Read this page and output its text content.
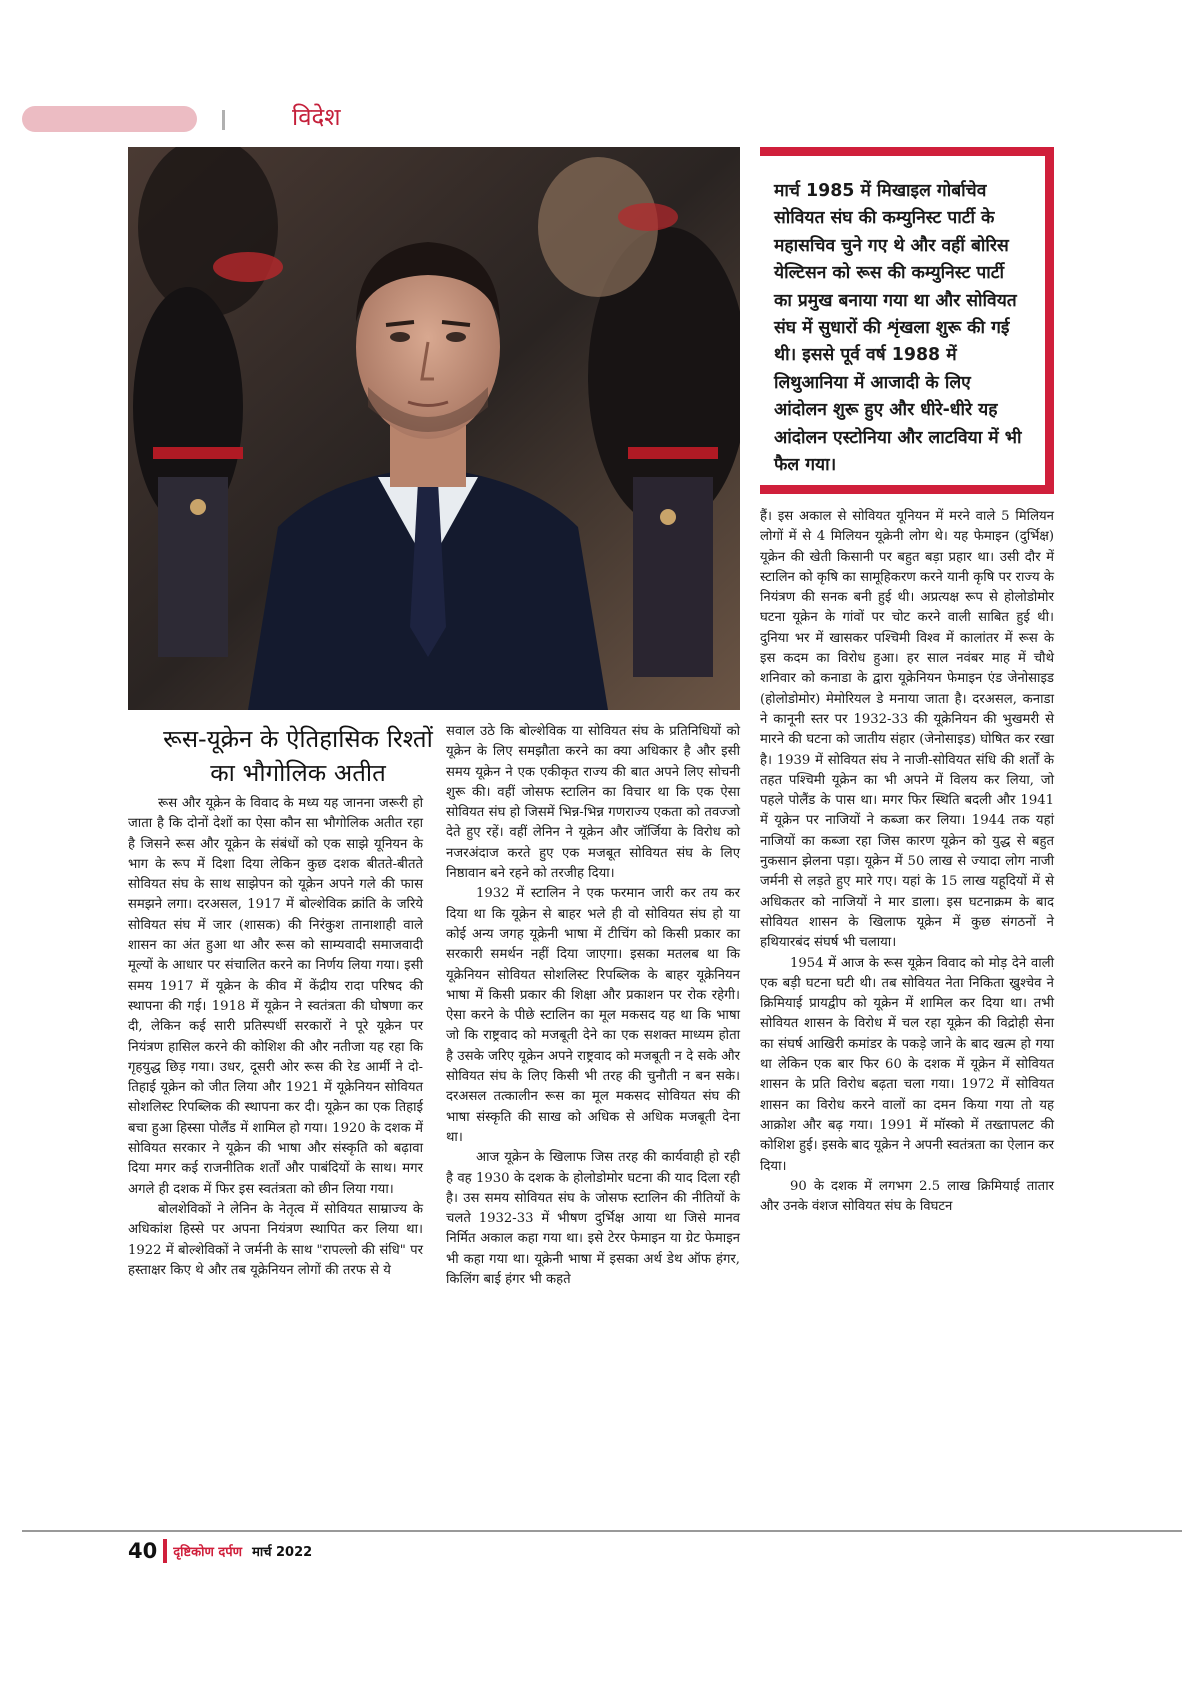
विदेश
मार्च 1985 में मिखाइल गोर्बाचेव सोवियत संघ की कम्युनिस्ट पार्टी के महासचिव चुने गए थे और वहीं बोरिस येल्टिसन को रूस की कम्युनिस्ट पार्टी का प्रमुख बनाया गया था और सोवियत संघ में सुधारों की शृंखला शुरू की गई थी। इससे पूर्व वर्ष 1988 में लिथुआनिया में आजादी के लिए आंदोलन शुरू हुए और धीरे-धीरे यह आंदोलन एस्टोनिया और लाटविया में भी फैल गया।
रूस-यूक्रेन के ऐतिहासिक रिश्तों का भौगोलिक अतीत

रूस और यूक्रेन के विवाद के मध्य यह जानना जरूरी हो जाता है कि दोनों देशों का ऐसा कौन सा भौगोलिक अतीत रहा है जिसने रूस और यूक्रेन के संबंधों को एक साझे यूनियन के भाग के रूप में दिशा दिया लेकिन कुछ दशक बीतते-बीतते सोवियत संघ के साथ साझेपन को यूक्रेन अपने गले की फास समझने लगा। दरअसल, 1917 में बोल्शेविक क्रांति के जरिये सोवियत संघ में जार (शासक) की निरंकुश तानाशाही वाले शासन का अंत हुआ था और रूस को साम्यवादी समाजवादी मूल्यों के आधार पर संचालित करने का निर्णय लिया गया। इसी समय 1917 में यूक्रेन के कीव में केंद्रीय रादा परिषद की स्थापना की गई। 1918 में यूक्रेन ने स्वतंत्रता की घोषणा कर दी, लेकिन कई सारी प्रतिस्पर्धी सरकारों ने पूरे यूक्रेन पर नियंत्रण हासिल करने की कोशिश की और नतीजा यह रहा कि गृहयुद्ध छिड़ गया। उधर, दूसरी ओर रूस की रेड आर्मी ने दो-तिहाई यूक्रेन को जीत लिया और 1921 में यूक्रेनियन सोवियत सोशलिस्ट रिपब्लिक की स्थापना कर दी। यूक्रेन का एक तिहाई बचा हुआ हिस्सा पोलैंड में शामिल हो गया। 1920 के दशक में सोवियत सरकार ने यूक्रेन की भाषा और संस्कृति को बढ़ावा दिया मगर कई राजनीतिक शर्तों और पाबंदियों के साथ। मगर अगले ही दशक में फिर इस स्वतंत्रता को छीन लिया गया।

बोलशेविकों ने लेनिन के नेतृत्व में सोवियत साम्राज्य के अधिकांश हिस्से पर अपना नियंत्रण स्थापित कर लिया था। 1922 में बोल्शेविकों ने जर्मनी के साथ "रापल्लो की संधि" पर हस्ताक्षर किए थे और तब यूक्रेनियन लोगों की तरफ से ये

सवाल उठे कि बोल्शेविक या सोवियत संघ के प्रतिनिधियों को यूक्रेन के लिए समझौता करने का क्या अधिकार है और इसी समय यूक्रेन ने एक एकीकृत राज्य की बात अपने लिए सोचनी शुरू की। वहीं जोसफ स्टालिन का विचार था कि एक ऐसा सोवियत संघ हो जिसमें भिन्न-भिन्न गणराज्य एकता को तवज्जो देते हुए रहें। वहीं लेनिन ने यूक्रेन और जॉर्जिया के विरोध को नजरअंदाज करते हुए एक मजबूत सोवियत संघ के लिए निष्ठावान बने रहने को तरजीह दिया।

1932 में स्टालिन ने एक फरमान जारी कर तय कर दिया था कि यूक्रेन से बाहर भले ही वो सोवियत संघ हो या कोई अन्य जगह यूक्रेनी भाषा में टीचिंग को किसी प्रकार का सरकारी समर्थन नहीं दिया जाएगा। इसका मतलब था कि यूक्रेनियन सोवियत सोशलिस्ट रिपब्लिक के बाहर यूक्रेनियन भाषा में किसी प्रकार की शिक्षा और प्रकाशन पर रोक रहेगी। ऐसा करने के पीछे स्टालिन का मूल मकसद यह था कि भाषा जो कि राष्ट्रवाद को मजबूती देने का एक सशक्त माध्यम होता है उसके जरिए यूक्रेन अपने राष्ट्रवाद को मजबूती न दे सके और सोवियत संघ के लिए किसी भी तरह की चुनौती न बन सके। दरअसल तत्कालीन रूस का मूल मकसद सोवियत संघ की भाषा संस्कृति की साख को अधिक से अधिक मजबूती देना था।

आज यूक्रेन के खिलाफ जिस तरह की कार्यवाही हो रही है वह 1930 के दशक के होलोडोमोर घटना की याद दिला रही है। उस समय सोवियत संघ के जोसफ स्टालिन की नीतियों के चलते 1932-33 में भीषण दुर्भिक्ष आया था जिसे मानव निर्मित अकाल कहा गया था। इसे टेरर फेमाइन या ग्रेट फेमाइन भी कहा गया था। यूक्रेनी भाषा में इसका अर्थ डेथ ऑफ हंगर, किलिंग बाई हंगर भी कहते

हैं। इस अकाल से सोवियत यूनियन में मरने वाले 5 मिलियन लोगों में से 4 मिलियन यूक्रेनी लोग थे। यह फेमाइन (दुर्भिक्ष) यूक्रेन की खेती किसानी पर बहुत बड़ा प्रहार था। उसी दौर में स्टालिन को कृषि का सामूहिकरण करने यानी कृषि पर राज्य के नियंत्रण की सनक बनी हुई थी। अप्रत्यक्ष रूप से होलोडोमोर घटना यूक्रेन के गांवों पर चोट करने वाली साबित हुई थी। दुनिया भर में खासकर पश्चिमी विश्व में कालांतर में रूस के इस कदम का विरोध हुआ। हर साल नवंबर माह में चौथे शनिवार को कनाडा के द्वारा यूक्रेनियन फेमाइन एंड जेनोसाइड (होलोडोमोर) मेमोरियल डे मनाया जाता है। दरअसल, कनाडा ने कानूनी स्तर पर 1932-33 की यूक्रेनियन की भुखमरी से मारने की घटना को जातीय संहार (जेनोसाइड) घोषित कर रखा है। 1939 में सोवियत संघ ने नाजी-सोवियत संधि की शर्तों के तहत पश्चिमी यूक्रेन का भी अपने में विलय कर लिया, जो पहले पोलैंड के पास था। मगर फिर स्थिति बदली और 1941 में यूक्रेन पर नाजियों ने कब्जा कर लिया। 1944 तक यहां नाजियों का कब्जा रहा जिस कारण यूक्रेन को युद्ध से बहुत नुकसान झेलना पड़ा। यूक्रेन में 50 लाख से ज्यादा लोग नाजी जर्मनी से लड़ते हुए मारे गए। यहां के 15 लाख यहूदियों में से अधिकतर को नाजियों ने मार डाला। इस घटनाक्रम के बाद सोवियत शासन के खिलाफ यूक्रेन में कुछ संगठनों ने हथियारबंद संघर्ष भी चलाया।

1954 में आज के रूस यूक्रेन विवाद को मोड़ देने वाली एक बड़ी घटना घटी थी। तब सोवियत नेता निकिता ख्रुश्चेव ने क्रिमियाई प्रायद्वीप को यूक्रेन में शामिल कर दिया था। तभी सोवियत शासन के विरोध में चल रहा यूक्रेन की विद्रोही सेना का संघर्ष आखिरी कमांडर के पकड़े जाने के बाद खत्म हो गया था लेकिन एक बार फिर 60 के दशक में यूक्रेन में सोवियत शासन के प्रति विरोध बढ़ता चला गया। 1972 में सोवियत शासन का विरोध करने वालों का दमन किया गया तो यह आक्रोश और बढ़ गया। 1991 में मॉस्को में तख्तापलट की कोशिश हुई। इसके बाद यूक्रेन ने अपनी स्वतंत्रता का ऐलान कर दिया।

90 के दशक में लगभग 2.5 लाख क्रिमियाई तातार और उनके वंशज सोवियत संघ के विघटन

40 दृष्टिकोण दर्पण मार्च 2022
